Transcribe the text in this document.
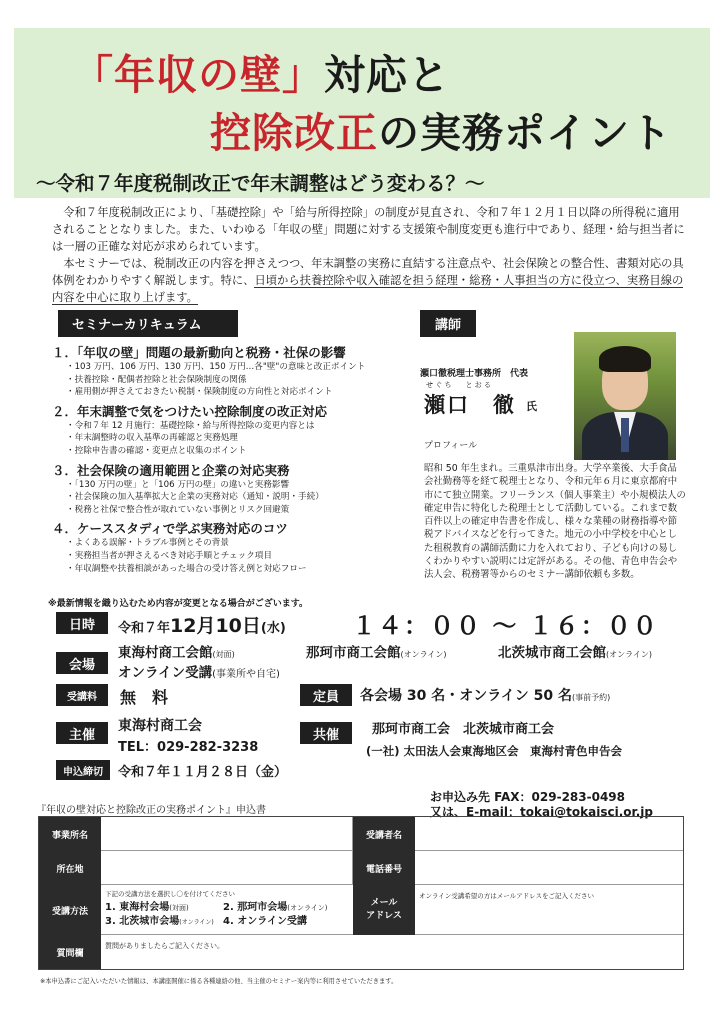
「年収の壁」対応と
控除改正の実務ポイント
〜令和７年度税制改正で年末調整はどう変わる？〜

令和７年度税制改正により、「基礎控除」や「給与所得控除」の制度が見直され、令和７年１２月１日以降の所得税に適用されることとなりました。また、いわゆる「年収の壁」問題に対する支援策や制度変更も進行中であり、経理・給与担当者には一層の正確な対応が求められています。

本セミナーでは、税制改正の内容を押さえつつ、年末調整の実務に直結する注意点や、社会保険との整合性、書類対応の具体例をわかりやすく解説します。特に、日頃から扶養控除や収入確認を担う経理・総務・人事担当の方に役立つ、実務目線の内容を中心に取り上げます。

セミナーカリキュラム
１．「年収の壁」問題の最新動向と税務・社保の影響
・103 万円、106 万円、130 万円、150 万円…各"壁"の意味と改正ポイント
・扶養控除・配偶者控除と社会保険制度の関係
・雇用側が押さえておきたい税制・保険制度の方向性と対応ポイント
２．年末調整で気をつけたい控除制度の改正対応
・令和７年 12 月施行：基礎控除・給与所得控除の変更内容とは
・年末調整時の収入基準の再確認と実務処理
・控除申告書の確認・変更点と収集のポイント
３．社会保険の適用範囲と企業の対応実務
・「130 万円の壁」と「106 万円の壁」の違いと実務影響
・社会保険の加入基準拡大と企業の実務対応（通知・説明・手続）
・税務と社保で整合性が取れていない事例とリスク回避策
４．ケーススタディで学ぶ実務対応のコツ
・よくある誤解・トラブル事例とその背景
・実務担当者が押さえるべき対応手順とチェック項目
・年収調整や扶養相談があった場合の受け答え例と対応フロー
※最新情報を織り込むため内容が変更となる場合がございます。
講師
瀬口徹税理士事務所　代表
せ ぐ ち　　と お る
瀬口　徹 氏
プロフィール
昭和 50 年生まれ。三重県津市出身。大学卒業後、大手食品会社勤務等を経て税理士となり、令和元年６月に東京都府中市にて独立開業。フリーランス（個人事業主）や小規模法人の確定申告に特化した税理士として活動している。これまで数百件以上の確定申告書を作成し、様々な業種の財務指導や節税アドバイスなどを行ってきた。地元の小中学校を中心とした租税教育の講師活動に力を入れており、子ども向けの易しくわかりやすい説明には定評がある。その他、青色申告会や法人会、税務署等からのセミナー講師依頼も多数。
日時	令和７年12月10日(水)	１４：００ 〜 １６：００
会場
東海村商工会館(対面)	那珂市商工会館(オンライン)	北茨城市商工会館(オンライン)
オンライン受講(事業所や自宅)
受講料	無　料	定員	各会場 30 名・オンライン 50 名(事前予約)
主催
東海村商工会
TEL：029-282-3238
共催	那珂市商工会　北茨城市商工会
(一社) 太田法人会東海地区会　東海村青色申告会
申込締切	令和７年１１月２８日（金）
お申込み先 FAX：029-283-0498
又は、E-mail：tokai@tokaisci.or.jp
『年収の壁対応と控除改正の実務ポイント』申込書
事業所名	受講者名
所在地	電話番号
受講方法
下記の受講方法を選択し〇を付けてください
1. 東海村会場(対面)	2. 那珂市会場(オンライン)
3. 北茨城市会場(オンライン) 4. オンライン受講
メール
アドレス
オンライン受講希望の方はメールアドレスをご記入ください
質問欄
質問がありましたらご記入ください。
※本申込書にご記入いただいた情報は、本講座開催に係る各種連絡の他、当主催のセミナー案内等に利用させていただきます。
